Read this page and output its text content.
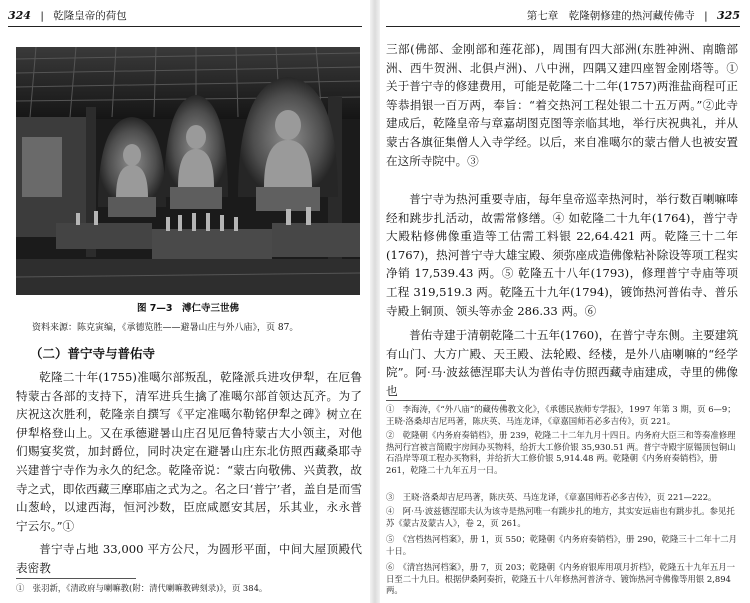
324 | 乾隆皇帝的荷包
图 7—3　溥仁寺三世佛
资料来源：陈克寅编，《承德览胜——避暑山庄与外八庙》，页 87。
（二）普宁寺与普佑寺
乾隆二十年(1755)准噶尔部叛乱，乾隆派兵进攻伊犁，在厄鲁特蒙古各部的支持下，清军进兵生擒了准噶尔部首领达瓦齐。为了庆祝这次胜利，乾隆亲自撰写《平定准噶尔勒铭伊犁之碑》树立在伊犁格登山上。又在承德避暑山庄召见厄鲁特蒙古大小领主，对他们赐宴奖赏，加封爵位，同时决定在避暑山庄东北仿照西藏桑耶寺兴建普宁寺作为永久的纪念。乾隆帝说：“蒙古向敬佛、兴黄教，故寺之式，即依西藏三摩耶庙之式为之。名之曰‘普宁’者，盖自是而雪山葱岭，以逮西海，恒河沙数，臣庶咸愿安其居，乐其业，永永普宁云尔。”①
普宁寺占地 33,000 平方公尺，为圆形平面，中间大屋顶殿代表密教
①　张羽新，《清政府与喇嘛教(附：清代喇嘛教碑刻录)》，页 384。
第七章　乾隆朝修建的热河藏传佛寺 | 325
三部(佛部、金刚部和莲花部)，周围有四大部洲(东胜神洲、南瞻部洲、西牛贺洲、北俱卢洲)、八中洲，四隅又建四座智金刚塔等。① 关于普宁寺的修建费用，可能是乾隆二十二年(1757)两淮盐商程可正等恭捐银一百万两，奉旨：“着交热河工程处银二十五万两。”②此寺建成后，乾隆皇帝与章嘉胡图克图等亲临其地，举行庆祝典礼，并从蒙古各旗征集僧人入寺学经。以后，来自准噶尔的蒙古僧人也被安置在这所寺院中。③
普宁寺为热河重要寺庙，每年皇帝巡幸热河时，举行数百喇嘛唪经和跳步扎活动，故需常修缮。④ 如乾隆二十九年(1764)，普宁寺大殿粘修佛像重造等工估需工料银 22,64.421 两。乾隆三十二年(1767)，热河普宁寺大雄宝殿、须弥座成造佛像粘补除设等项工程实净销 17,539.43 两。⑤ 乾隆五十八年(1793)，修理普宁寺庙等项工程 319,519.3 两。乾隆五十九年(1794)，镀饰热河普佑寺、普乐寺殿上铜顶、领头等赤金 286.33 两。⑥
普佑寺建于清朝乾隆二十五年(1760)，在普宁寺东侧。主要建筑有山门、大方广殿、天王殿、法轮殿、经楼，是外八庙喇嘛的“经学院”。阿·马·波兹德涅耶夫认为普佑寺仿照西藏寺庙建成，寺里的佛像也
①　李海涛，《“外八庙”的藏传佛教文化》，《承德民族师专学报》，1997 年第 3 期，页 6—9；王晓·洛桑却吉尼玛著，陈庆英、马连龙译，《章嘉国师若必多吉传》，页 221。
②　乾隆朝《内务府奏销档》，册 239，乾隆二十二年九月十四日。内务府大臣三和等奏准修理热河行宫被言简殿宇房间办买物料，给折大工修价银 35,930.51 两。普宁寺殿宇原锡顶包铜山石沿岸等项工程办买物料，并给折大工修价银 5,914.48 两。乾隆朝《内务府奏销档》，册 261，乾隆二十九年五月一日。
③　王晓·洛桑却吉尼玛著，陈庆英、马连龙译，《章嘉国师若必多吉传》，页 221—222。
④　阿·马·波兹德涅耶夫认为该寺是热河唯一有跳步扎的地方，其实安远庙也有跳步扎。参见托苏《蒙古及蒙古人》，卷 2，页 261。
⑤　《宫档热河档案》，册 1，页 550；乾隆朝《内务府奏销档》，册 290，乾隆三十二年十二月十日。
⑥　《清宫热河档案》，册 7，页 203；乾隆朝《内务府银库用项月折档》，乾隆五十九年五月一日至二十九日。根据伊桑阿奏折，乾隆五十八年修热河普济寺、镀饰热河寺佛像等用银 2,894 两。
